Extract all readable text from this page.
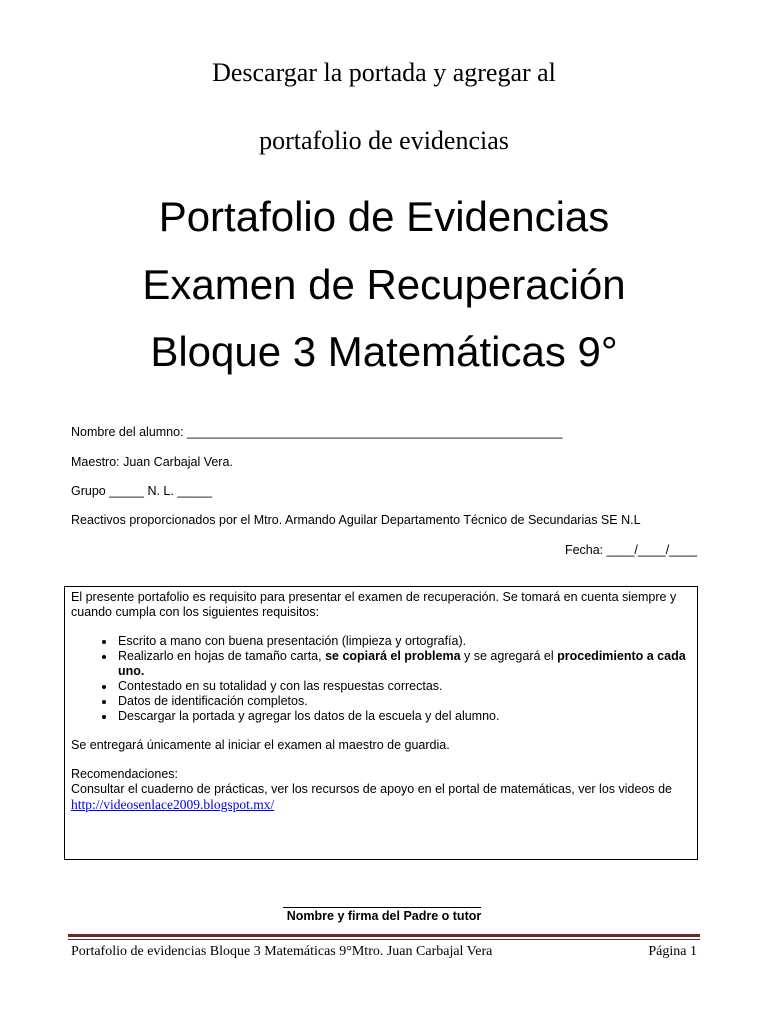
Descargar la portada y agregar al
portafolio de evidencias
Portafolio de Evidencias
Examen de Recuperación
Bloque 3 Matemáticas 9°
Nombre del alumno: ______________________________________________________
Maestro: Juan Carbajal Vera.
Grupo _____ N. L. _____
Reactivos proporcionados por el Mtro. Armando Aguilar Departamento Técnico de Secundarias SE N.L
Fecha: ____/____/____

El presente portafolio es requisito para presentar el examen de recuperación. Se tomará en cuenta siempre y cuando cumpla con los siguientes requisitos:

• Escrito a mano con buena presentación (limpieza y ortografía).
• Realizarlo en hojas de tamaño carta, se copiará el problema y se agregará el procedimiento a cada uno.
• Contestado en su totalidad y con las respuestas correctas.
• Datos de identificación completos.
• Descargar la portada y agregar los datos de la escuela y del alumno.

Se entregará únicamente al iniciar el examen al maestro de guardia.

Recomendaciones:

Consultar el cuaderno de prácticas, ver los recursos de apoyo en el portal de matemáticas, ver los videos de

http://videosenlace2009.blogspot.mx/
Nombre y firma del Padre o tutor
Portafolio de evidencias Bloque 3 Matemáticas 9°Mtro. Juan Carbajal Vera	Página 1
